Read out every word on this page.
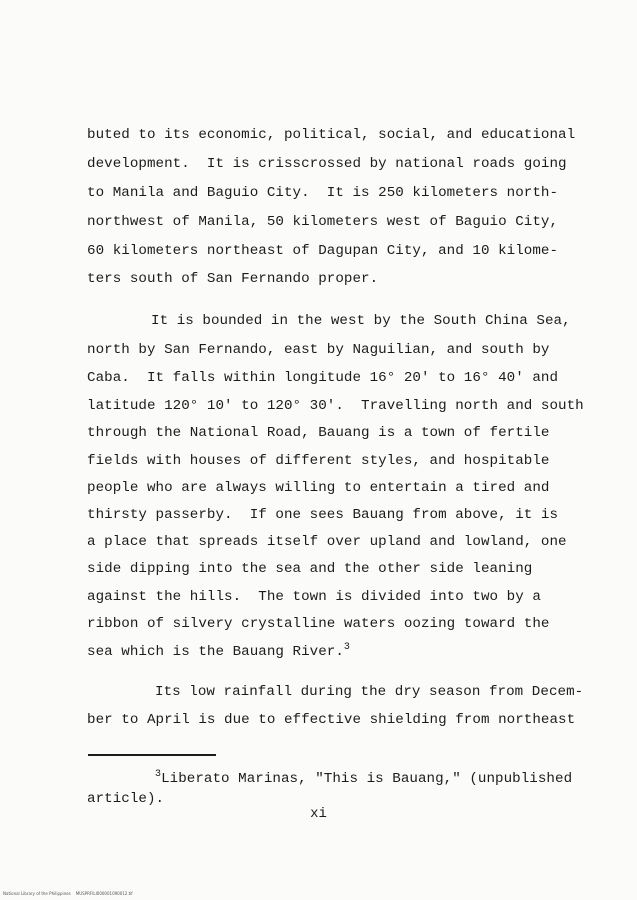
buted to its economic, political, social, and educational
development.  It is crisscrossed by national roads going
to Manila and Baguio City.  It is 250 kilometers north-
northwest of Manila, 50 kilometers west of Baguio City,
60 kilometers northeast of Dagupan City, and 10 kilome-
ters south of San Fernando proper.
It is bounded in the west by the South China Sea,
north by San Fernando, east by Naguilian, and south by
Caba.  It falls within longitude 16° 20' to 16° 40' and
latitude 120° 10' to 120° 30'.  Travelling north and south
through the National Road, Bauang is a town of fertile
fields with houses of different styles, and hospitable
people who are always willing to entertain a tired and
thirsty passerby.  If one sees Bauang from above, it is
a place that spreads itself over upland and lowland, one
side dipping into the sea and the other side leaning
against the hills.  The town is divided into two by a
ribbon of silvery crystalline waters oozing toward the
sea which is the Bauang River.$^3$
Its low rainfall during the dry season from Decem-
ber to April is due to effective shielding from northeast
$^3$Liberato Marinas, "This is Bauang," (unpublished
article).
xi
National Library of the Philippines    MUSPRFILI000001090012.tif
